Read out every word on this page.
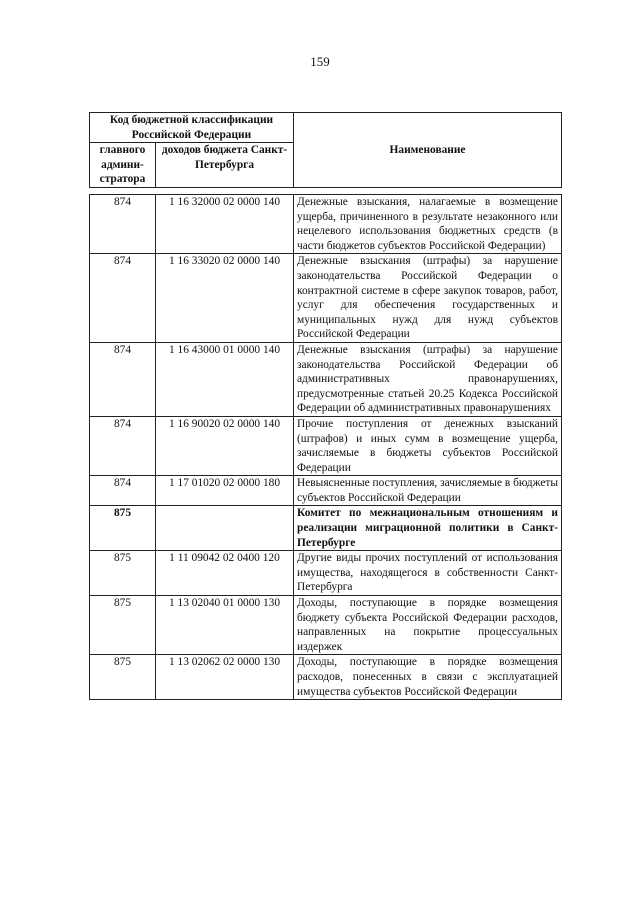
159
Код бюджетной классификации Российской Федерации		Наименование
главного админи-стратора	доходов бюджета Санкт-Петербурга	
874	1 16 32000 02 0000 140	Денежные взыскания, налагаемые в возмещение ущерба, причиненного в результате незаконного или нецелевого использования бюджетных средств (в части бюджетов субъектов Российской Федерации)
874	1 16 33020 02 0000 140	Денежные взыскания (штрафы) за нарушение законодательства Российской Федерации о контрактной системе в сфере закупок товаров, работ, услуг для обеспечения государственных и муниципальных нужд для нужд субъектов Российской Федерации
874	1 16 43000 01 0000 140	Денежные взыскания (штрафы) за нарушение законодательства Российской Федерации об административных правонарушениях, предусмотренные статьей 20.25 Кодекса Российской Федерации об административных правонарушениях
874	1 16 90020 02 0000 140	Прочие поступления от денежных взысканий (штрафов) и иных сумм в возмещение ущерба, зачисляемые в бюджеты субъектов Российской Федерации
874	1 17 01020 02 0000 180	Невыясненные поступления, зачисляемые в бюджеты субъектов Российской Федерации
875		Комитет по межнациональным отношениям и реализации миграционной политики в Санкт-Петербурге
875	1 11 09042 02 0400 120	Другие виды прочих поступлений от использования имущества, находящегося в собственности Санкт-Петербурга
875	1 13 02040 01 0000 130	Доходы, поступающие в порядке возмещения бюджету субъекта Российской Федерации расходов, направленных на покрытие процессуальных издержек
875	1 13 02062 02 0000 130	Доходы, поступающие в порядке возмещения расходов, понесенных в связи с эксплуатацией имущества субъектов Российской Федерации
